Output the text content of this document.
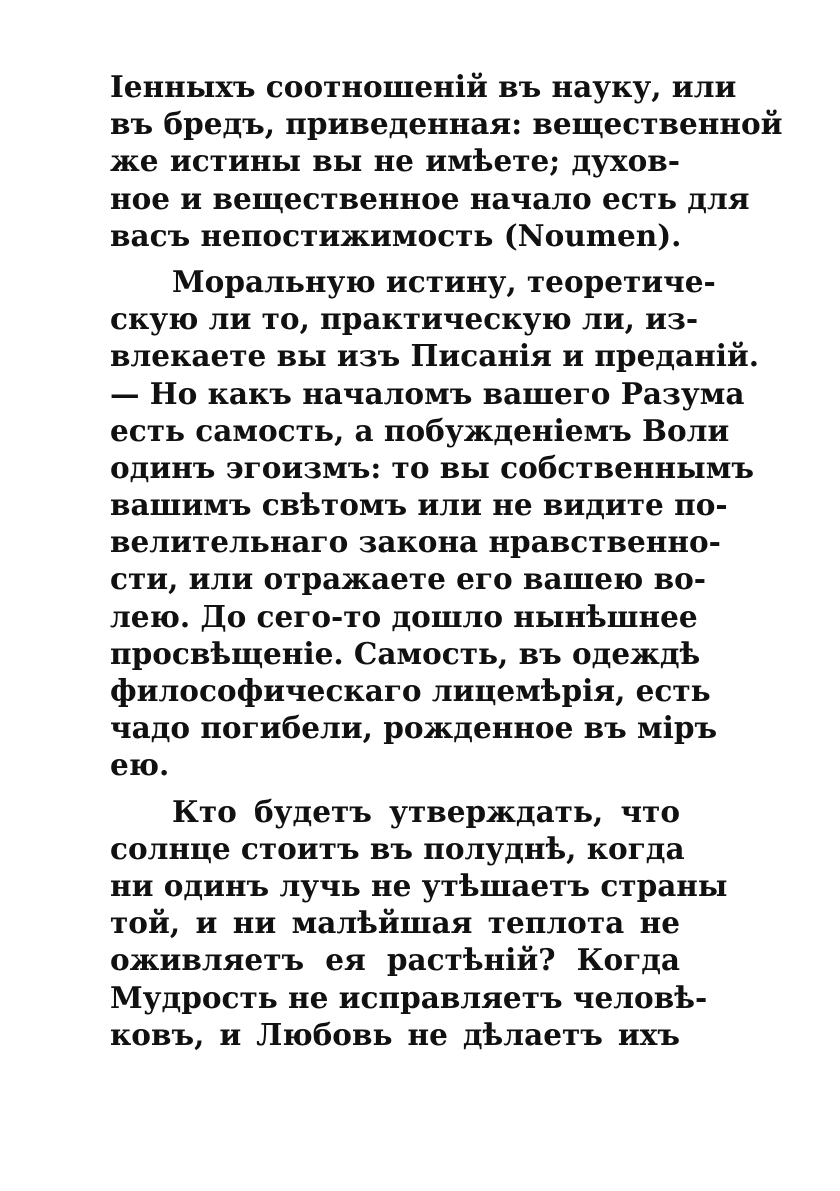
Іенныхъ соотношеній въ науку, или
въ бредъ, приведенная: вещественной
же истины вы не имѣете; духов-
ное и вещественное начало есть для
васъ непостижимость (Noumen).

Моральную истину, теоретиче-
скую ли то, практическую ли, из-
влекаете вы изъ Писанія и преданій.
— Но какъ началомъ вашего Разума
есть самость, а побужденіемъ Воли
одинъ эгоизмъ: то вы собственнымъ
вашимъ свѣтомъ или не видите по-
велительнаго закона нравственно-
сти, или отражаете его вашею во-
лею. До сего-то дошло нынѣшнее
просвѣщеніе. Самость, въ одеждѣ
философическаго лицемѣрія, есть
чадо погибели, рожденное въ міръ
ею.

Кто будетъ утверждать, что
солнце стоитъ въ полуднѣ, когда
ни одинъ лучь не утѣшаетъ страны
той, и ни малѣйшая теплота не
оживляетъ ея растѣній? Когда
Мудрость не исправляетъ человѣ-
ковъ, и Любовь не дѣлаетъ ихъ
